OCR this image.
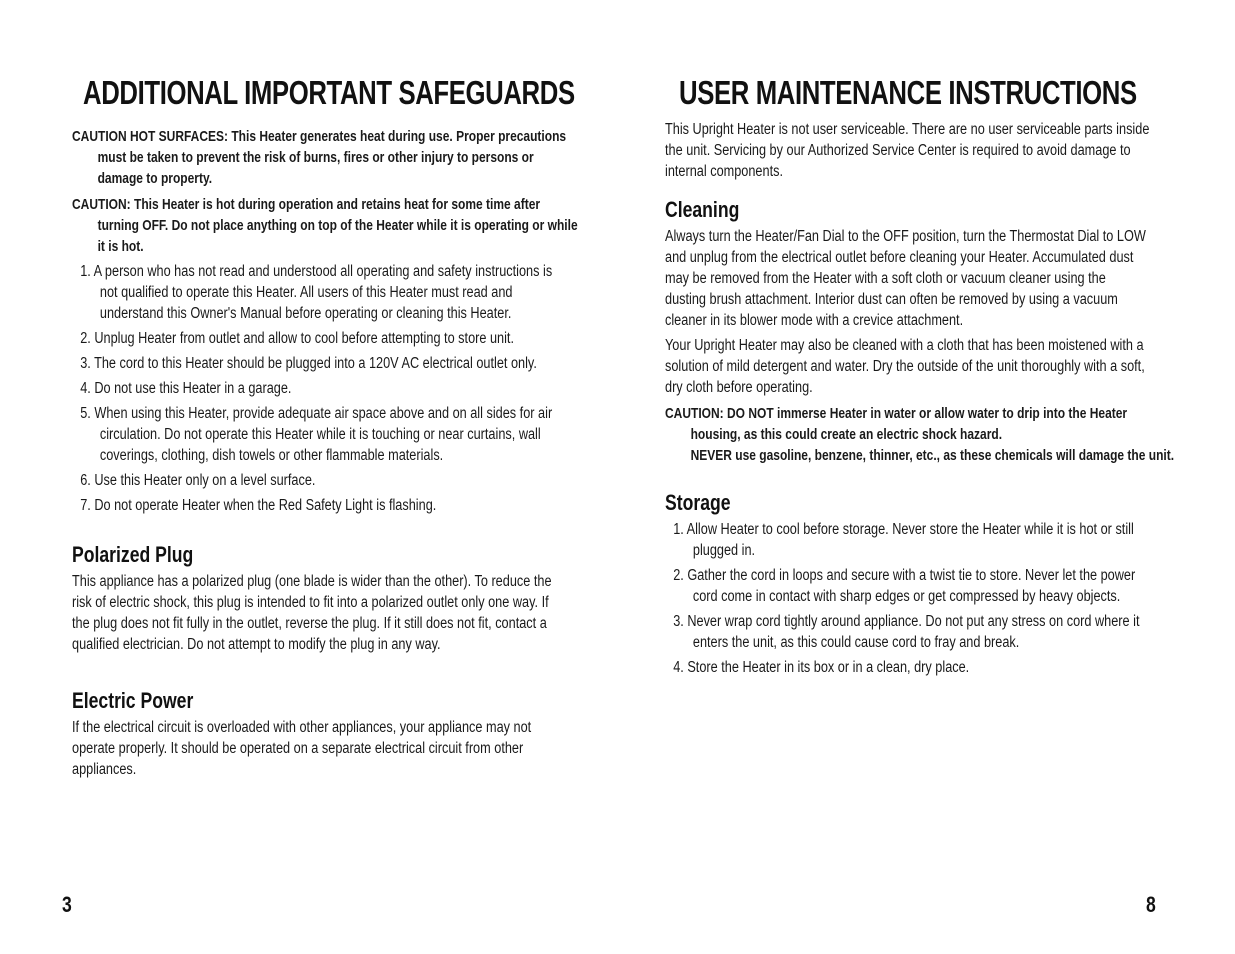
ADDITIONAL IMPORTANT SAFEGUARDS

CAUTION HOT SURFACES: This Heater generates heat during use. Proper precautions must be taken to prevent the risk of burns, fires or other injury to persons or damage to property.

CAUTION: This Heater is hot during operation and retains heat for some time after turning OFF. Do not place anything on top of the Heater while it is operating or while it is hot.

1. A person who has not read and understood all operating and safety instructions is not qualified to operate this Heater. All users of this Heater must read and understand this Owner's Manual before operating or cleaning this Heater.
2. Unplug Heater from outlet and allow to cool before attempting to store unit.
3. The cord to this Heater should be plugged into a 120V AC electrical outlet only.
4. Do not use this Heater in a garage.
5. When using this Heater, provide adequate air space above and on all sides for air circulation. Do not operate this Heater while it is touching or near curtains, wall coverings, clothing, dish towels or other flammable materials.
6. Use this Heater only on a level surface.
7. Do not operate Heater when the Red Safety Light is flashing.
Polarized Plug

This appliance has a polarized plug (one blade is wider than the other). To reduce the risk of electric shock, this plug is intended to fit into a polarized outlet only one way. If the plug does not fit fully in the outlet, reverse the plug. If it still does not fit, contact a qualified electrician. Do not attempt to modify the plug in any way.

Electric Power

If the electrical circuit is overloaded with other appliances, your appliance may not operate properly. It should be operated on a separate electrical circuit from other appliances.

3
USER MAINTENANCE INSTRUCTIONS

This Upright Heater is not user serviceable. There are no user serviceable parts inside the unit. Servicing by our Authorized Service Center is required to avoid damage to internal components.

Cleaning

Always turn the Heater/Fan Dial to the OFF position, turn the Thermostat Dial to LOW and unplug from the electrical outlet before cleaning your Heater. Accumulated dust may be removed from the Heater with a soft cloth or vacuum cleaner using the dusting brush attachment. Interior dust can often be removed by using a vacuum cleaner in its blower mode with a crevice attachment.

Your Upright Heater may also be cleaned with a cloth that has been moistened with a solution of mild detergent and water. Dry the outside of the unit thoroughly with a soft, dry cloth before operating.

CAUTION: DO NOT immerse Heater in water or allow water to drip into the Heater housing, as this could create an electric shock hazard.
NEVER use gasoline, benzene, thinner, etc., as these chemicals will damage the unit.
Storage
1. Allow Heater to cool before storage. Never store the Heater while it is hot or still plugged in.
2. Gather the cord in loops and secure with a twist tie to store. Never let the power cord come in contact with sharp edges or get compressed by heavy objects.
3. Never wrap cord tightly around appliance. Do not put any stress on cord where it enters the unit, as this could cause cord to fray and break.
4. Store the Heater in its box or in a clean, dry place.
8
